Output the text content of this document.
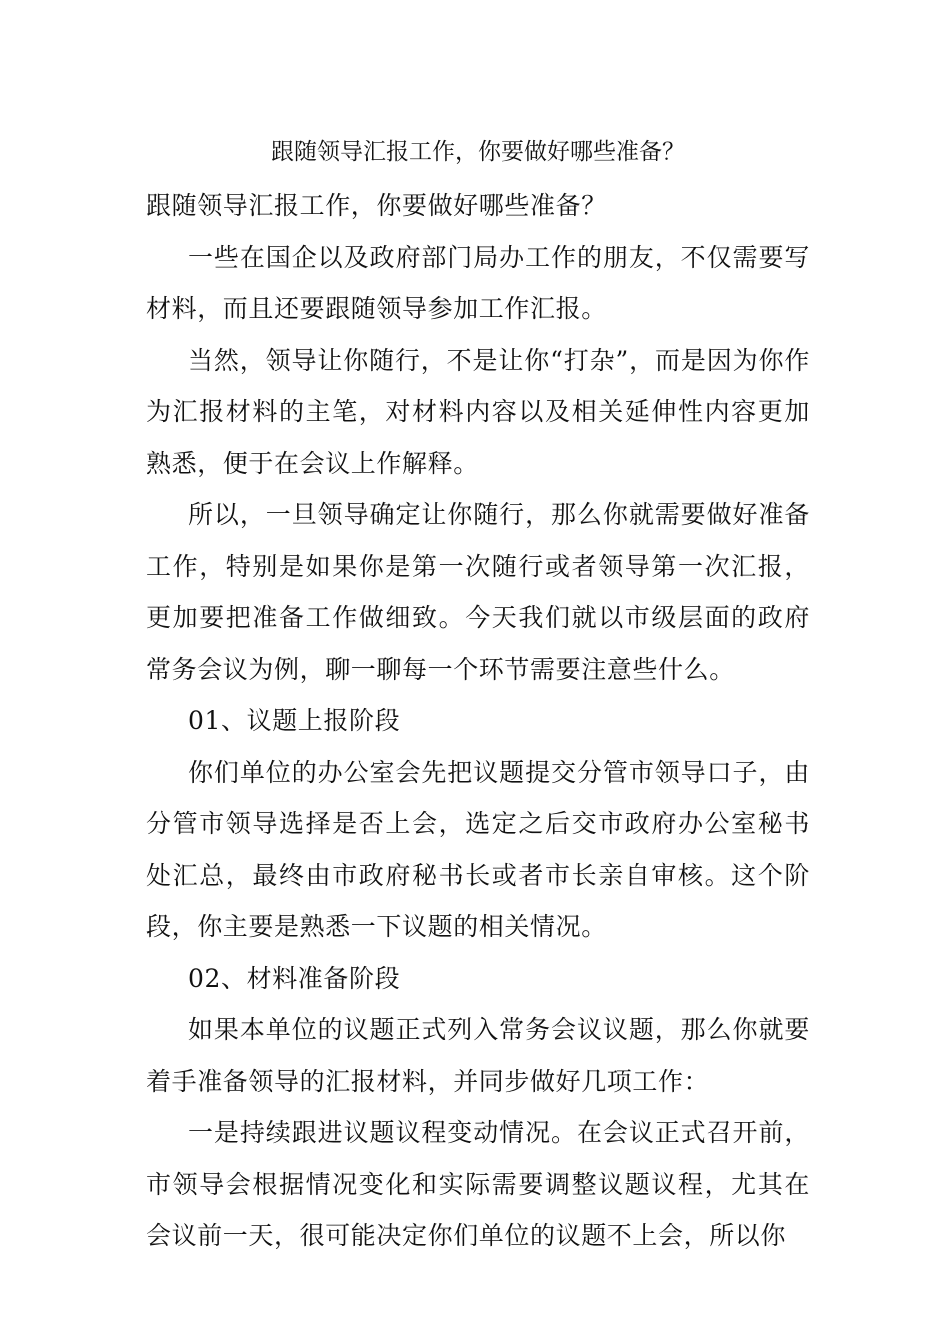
跟随领导汇报工作，你要做好哪些准备？

跟随领导汇报工作，你要做好哪些准备？

一些在国企以及政府部门局办工作的朋友，不仅需要写材料，而且还要跟随领导参加工作汇报。

当然，领导让你随行，不是让你“打杂”，而是因为你作为汇报材料的主笔，对材料内容以及相关延伸性内容更加熟悉，便于在会议上作解释。

所以，一旦领导确定让你随行，那么你就需要做好准备工作，特别是如果你是第一次随行或者领导第一次汇报，更加要把准备工作做细致。今天我们就以市级层面的政府常务会议为例，聊一聊每一个环节需要注意些什么。

01、议题上报阶段

你们单位的办公室会先把议题提交分管市领导口子，由分管市领导选择是否上会，选定之后交市政府办公室秘书处汇总，最终由市政府秘书长或者市长亲自审核。这个阶段，你主要是熟悉一下议题的相关情况。

02、材料准备阶段

如果本单位的议题正式列入常务会议议题，那么你就要着手准备领导的汇报材料，并同步做好几项工作：

一是持续跟进议题议程变动情况。在会议正式召开前，市领导会根据情况变化和实际需要调整议题议程，尤其在会议前一天，很可能决定你们单位的议题不上会，所以你
